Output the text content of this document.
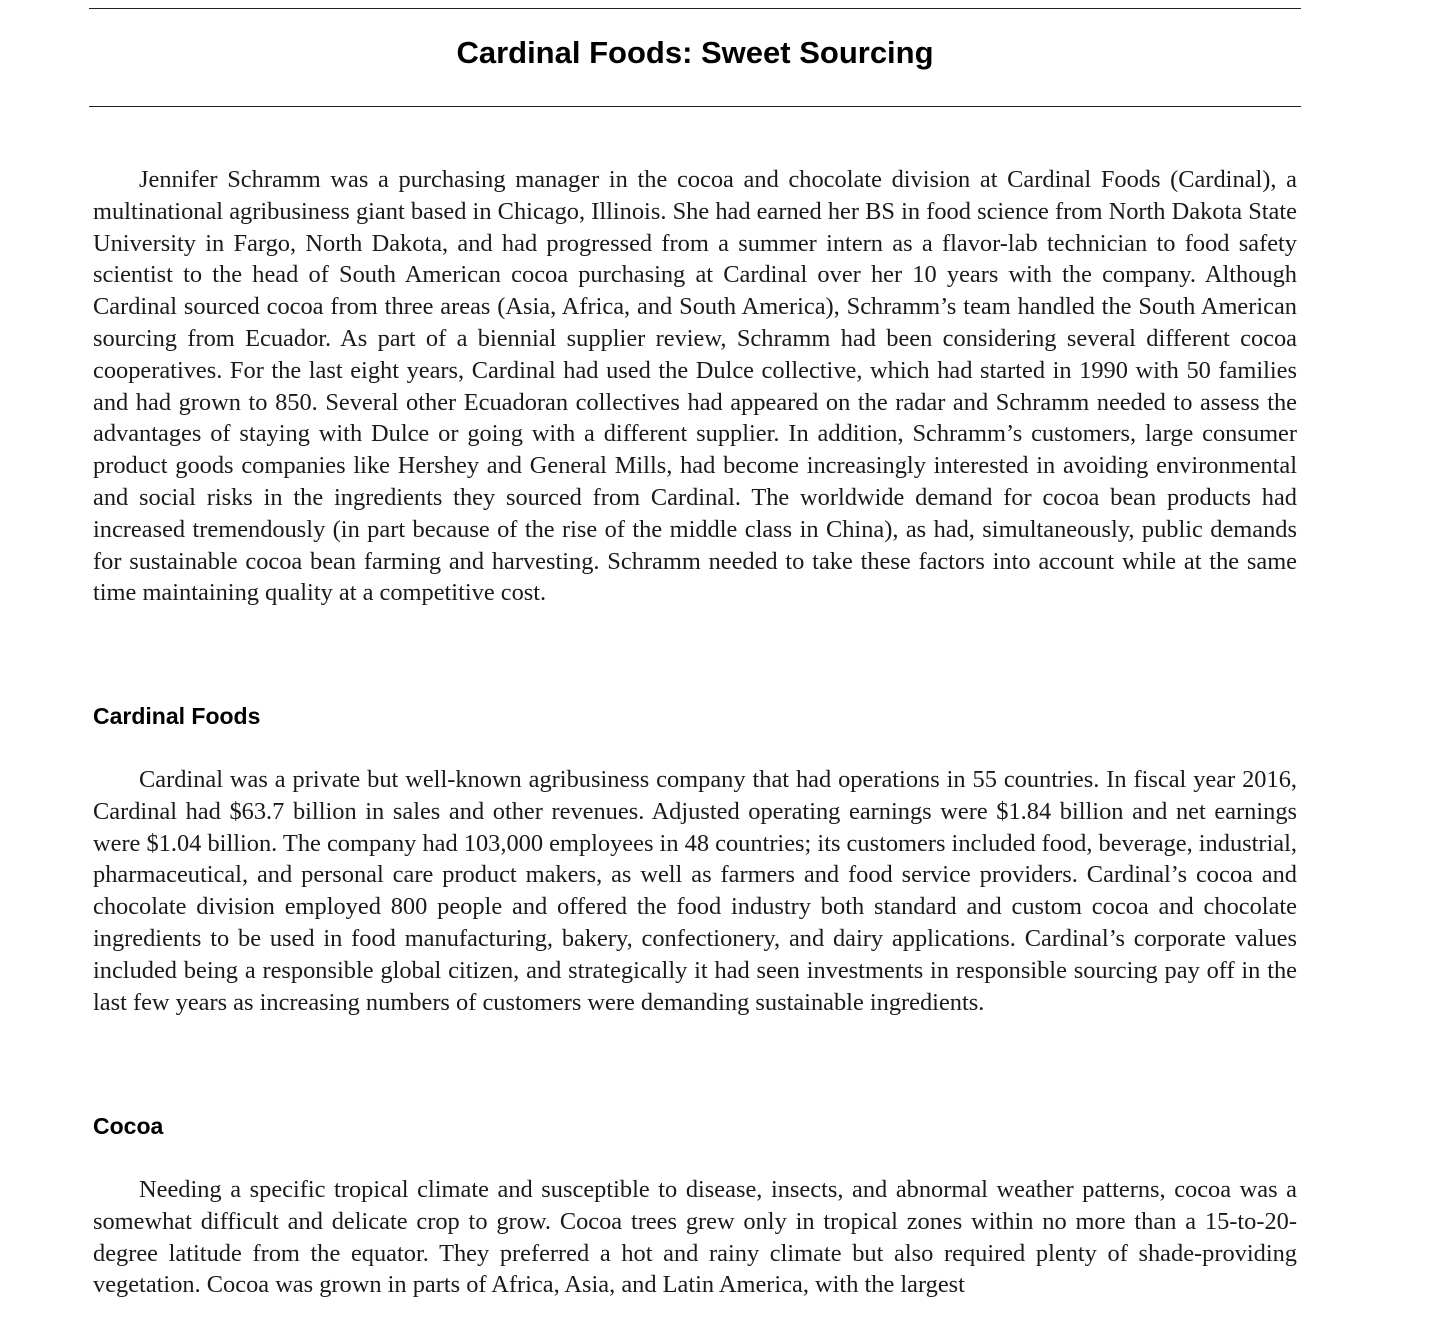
Cardinal Foods: Sweet Sourcing

Jennifer Schramm was a purchasing manager in the cocoa and chocolate division at Cardinal Foods (Cardinal), a multinational agribusiness giant based in Chicago, Illinois. She had earned her BS in food science from North Dakota State University in Fargo, North Dakota, and had progressed from a summer intern as a flavor-lab technician to food safety scientist to the head of South American cocoa purchasing at Cardinal over her 10 years with the company. Although Cardinal sourced cocoa from three areas (Asia, Africa, and South America), Schramm’s team handled the South American sourcing from Ecuador. As part of a biennial supplier review, Schramm had been considering several different cocoa cooperatives. For the last eight years, Cardinal had used the Dulce collective, which had started in 1990 with 50 families and had grown to 850. Several other Ecuadoran collectives had appeared on the radar and Schramm needed to assess the advantages of staying with Dulce or going with a different supplier. In addition, Schramm’s customers, large consumer product goods companies like Hershey and General Mills, had become increasingly interested in avoiding environmental and social risks in the ingredients they sourced from Cardinal. The worldwide demand for cocoa bean products had increased tremendously (in part because of the rise of the middle class in China), as had, simultaneously, public demands for sustainable cocoa bean farming and harvesting. Schramm needed to take these factors into account while at the same time maintaining quality at a competitive cost.

Cardinal Foods

Cardinal was a private but well-known agribusiness company that had operations in 55 countries. In fiscal year 2016, Cardinal had $63.7 billion in sales and other revenues. Adjusted operating earnings were $1.84 billion and net earnings were $1.04 billion. The company had 103,000 employees in 48 countries; its customers included food, beverage, industrial, pharmaceutical, and personal care product makers, as well as farmers and food service providers. Cardinal’s cocoa and chocolate division employed 800 people and offered the food industry both standard and custom cocoa and chocolate ingredients to be used in food manufacturing, bakery, confectionery, and dairy applications. Cardinal’s corporate values included being a responsible global citizen, and strategically it had seen investments in responsible sourcing pay off in the last few years as increasing numbers of customers were demanding sustainable ingredients.

Cocoa

Needing a specific tropical climate and susceptible to disease, insects, and abnormal weather patterns, cocoa was a somewhat difficult and delicate crop to grow. Cocoa trees grew only in tropical zones within no more than a 15-to-20-degree latitude from the equator. They preferred a hot and rainy climate but also required plenty of shade-providing vegetation. Cocoa was grown in parts of Africa, Asia, and Latin America, with the largest
